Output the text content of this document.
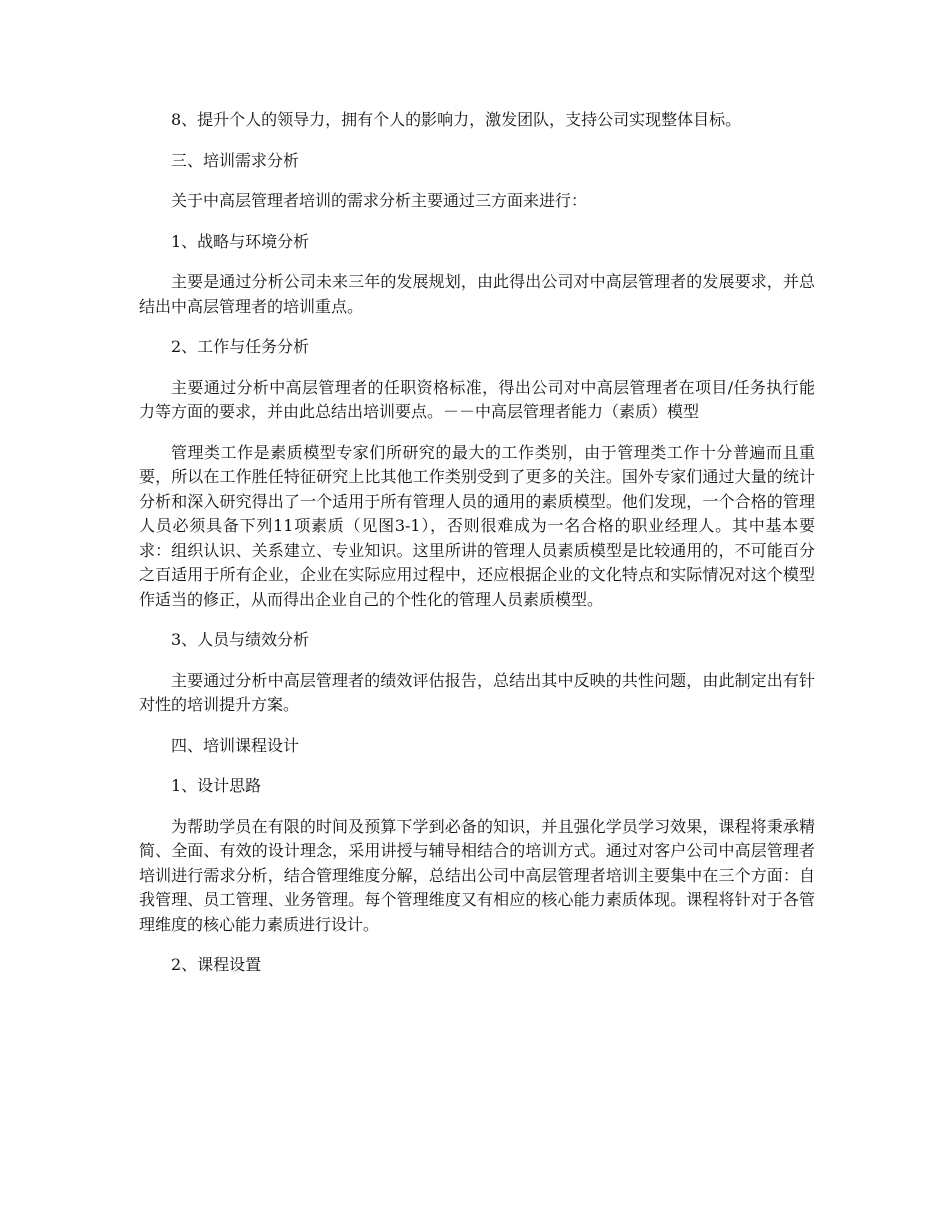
8、提升个人的领导力，拥有个人的影响力，激发团队，支持公司实现整体目标。

三、培训需求分析

关于中高层管理者培训的需求分析主要通过三方面来进行：

1、战略与环境分析

主要是通过分析公司未来三年的发展规划，由此得出公司对中高层管理者的发展要求，并总结出中高层管理者的培训重点。

2、工作与任务分析

主要通过分析中高层管理者的任职资格标准，得出公司对中高层管理者在项目/任务执行能力等方面的要求，并由此总结出培训要点。－－中高层管理者能力（素质）模型

管理类工作是素质模型专家们所研究的最大的工作类别，由于管理类工作十分普遍而且重要，所以在工作胜任特征研究上比其他工作类别受到了更多的关注。国外专家们通过大量的统计分析和深入研究得出了一个适用于所有管理人员的通用的素质模型。他们发现，一个合格的管理人员必须具备下列11项素质（见图3-1），否则很难成为一名合格的职业经理人。其中基本要求：组织认识、关系建立、专业知识。这里所讲的管理人员素质模型是比较通用的，不可能百分之百适用于所有企业，企业在实际应用过程中，还应根据企业的文化特点和实际情况对这个模型作适当的修正，从而得出企业自己的个性化的管理人员素质模型。

3、人员与绩效分析

主要通过分析中高层管理者的绩效评估报告，总结出其中反映的共性问题，由此制定出有针对性的培训提升方案。

四、培训课程设计

1、设计思路

为帮助学员在有限的时间及预算下学到必备的知识，并且强化学员学习效果，课程将秉承精简、全面、有效的设计理念，采用讲授与辅导相结合的培训方式。通过对客户公司中高层管理者培训进行需求分析，结合管理维度分解，总结出公司中高层管理者培训主要集中在三个方面：自我管理、员工管理、业务管理。每个管理维度又有相应的核心能力素质体现。课程将针对于各管理维度的核心能力素质进行设计。

2、课程设置
